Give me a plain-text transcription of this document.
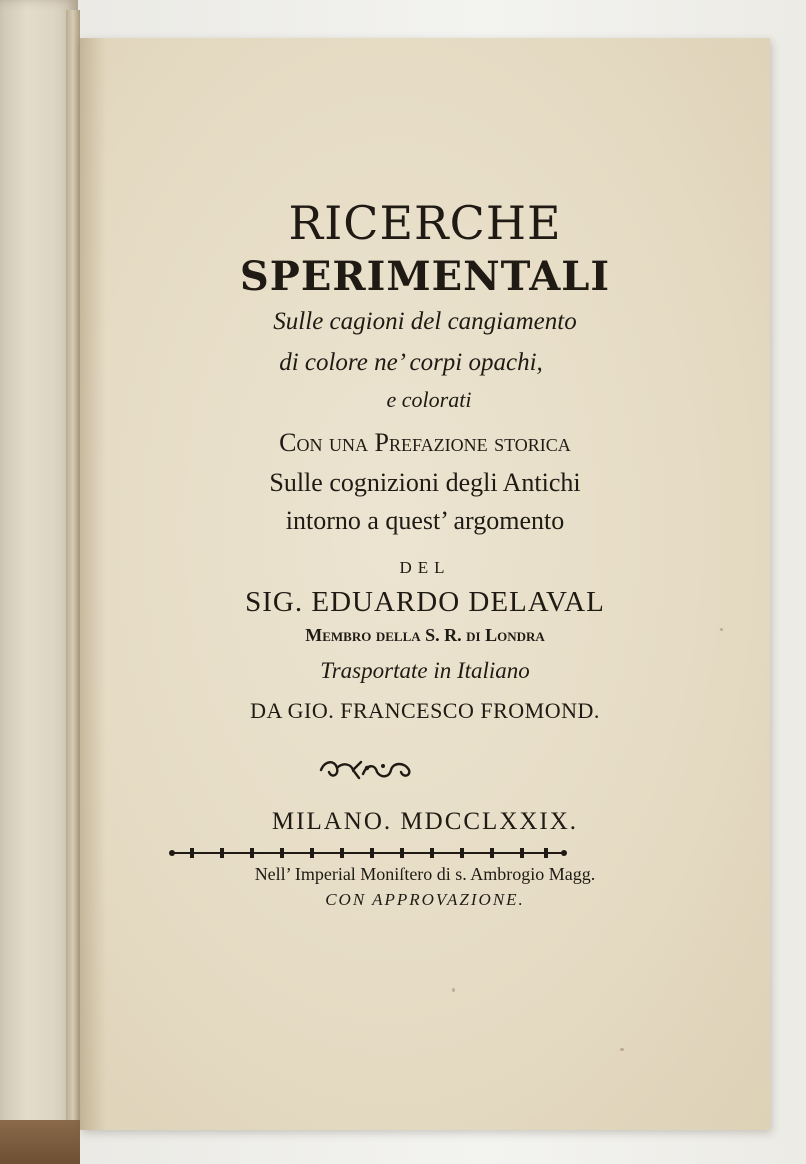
RICERCHE
SPERIMENTALI

Sulle cagioni del cangiamento

di colore ne’ corpi opachi,

e colorati

Con una Prefazione storica

Sulle cognizioni degli Antichi

intorno a quest’ argomento

DEL

SIG. EDUARDO DELAVAL

Membro della S. R. di Londra

Trasportate in Italiano

DA GIO. FRANCESCO FROMOND.

MILANO. MDCCLXXIX.

Nell’ Imperial Moniſtero di s. Ambrogio Magg.

CON APPROVAZIONE.
